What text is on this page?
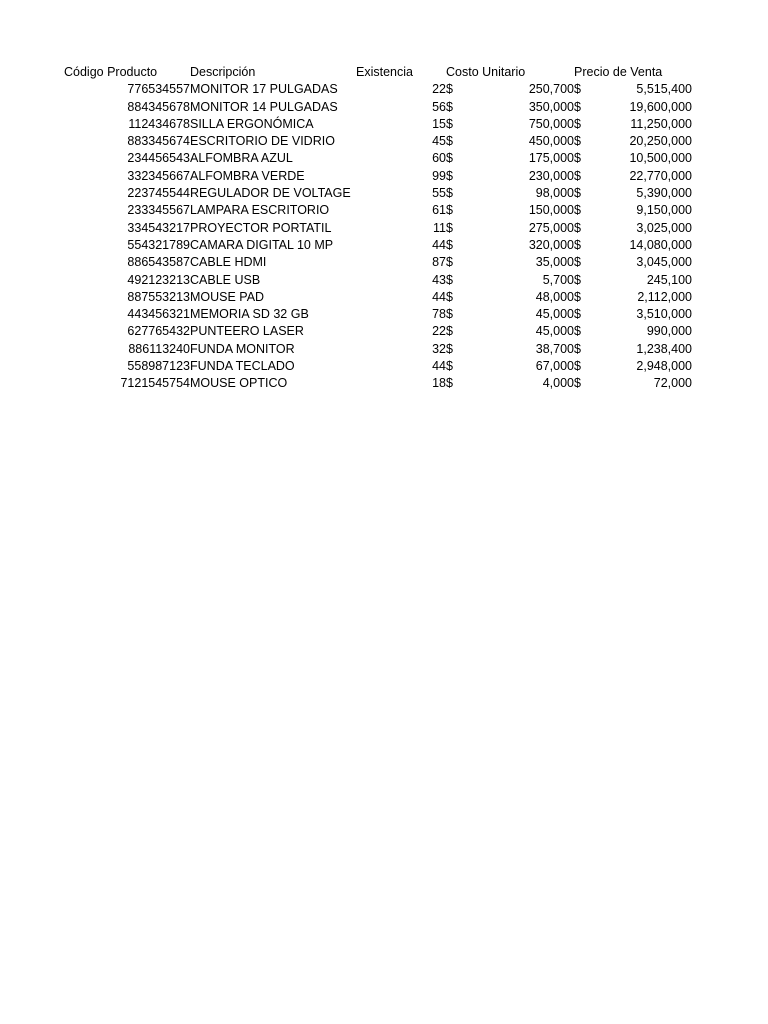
Código Producto	Descripción	Existencia	Costo Unitario		Precio de Venta	
776534557	MONITOR 17 PULGADAS	22	$	250,700	$	5,515,400
884345678	MONITOR 14 PULGADAS	56	$	350,000	$	19,600,000
112434678	SILLA ERGONÓMICA	15	$	750,000	$	11,250,000
883345674	ESCRITORIO DE VIDRIO	45	$	450,000	$	20,250,000
234456543	ALFOMBRA AZUL	60	$	175,000	$	10,500,000
332345667	ALFOMBRA VERDE	99	$	230,000	$	22,770,000
223745544	REGULADOR DE VOLTAGE	55	$	98,000	$	5,390,000
233345567	LAMPARA ESCRITORIO	61	$	150,000	$	9,150,000
334543217	PROYECTOR PORTATIL	11	$	275,000	$	3,025,000
554321789	CAMARA DIGITAL 10 MP	44	$	320,000	$	14,080,000
886543587	CABLE HDMI	87	$	35,000	$	3,045,000
492123213	CABLE USB	43	$	5,700	$	245,100
887553213	MOUSE PAD	44	$	48,000	$	2,112,000
443456321	MEMORIA SD 32 GB	78	$	45,000	$	3,510,000
627765432	PUNTEERO LASER	22	$	45,000	$	990,000
886113240	FUNDA MONITOR	32	$	38,700	$	1,238,400
558987123	FUNDA TECLADO	44	$	67,000	$	2,948,000
7121545754	MOUSE OPTICO	18	$	4,000	$	72,000
